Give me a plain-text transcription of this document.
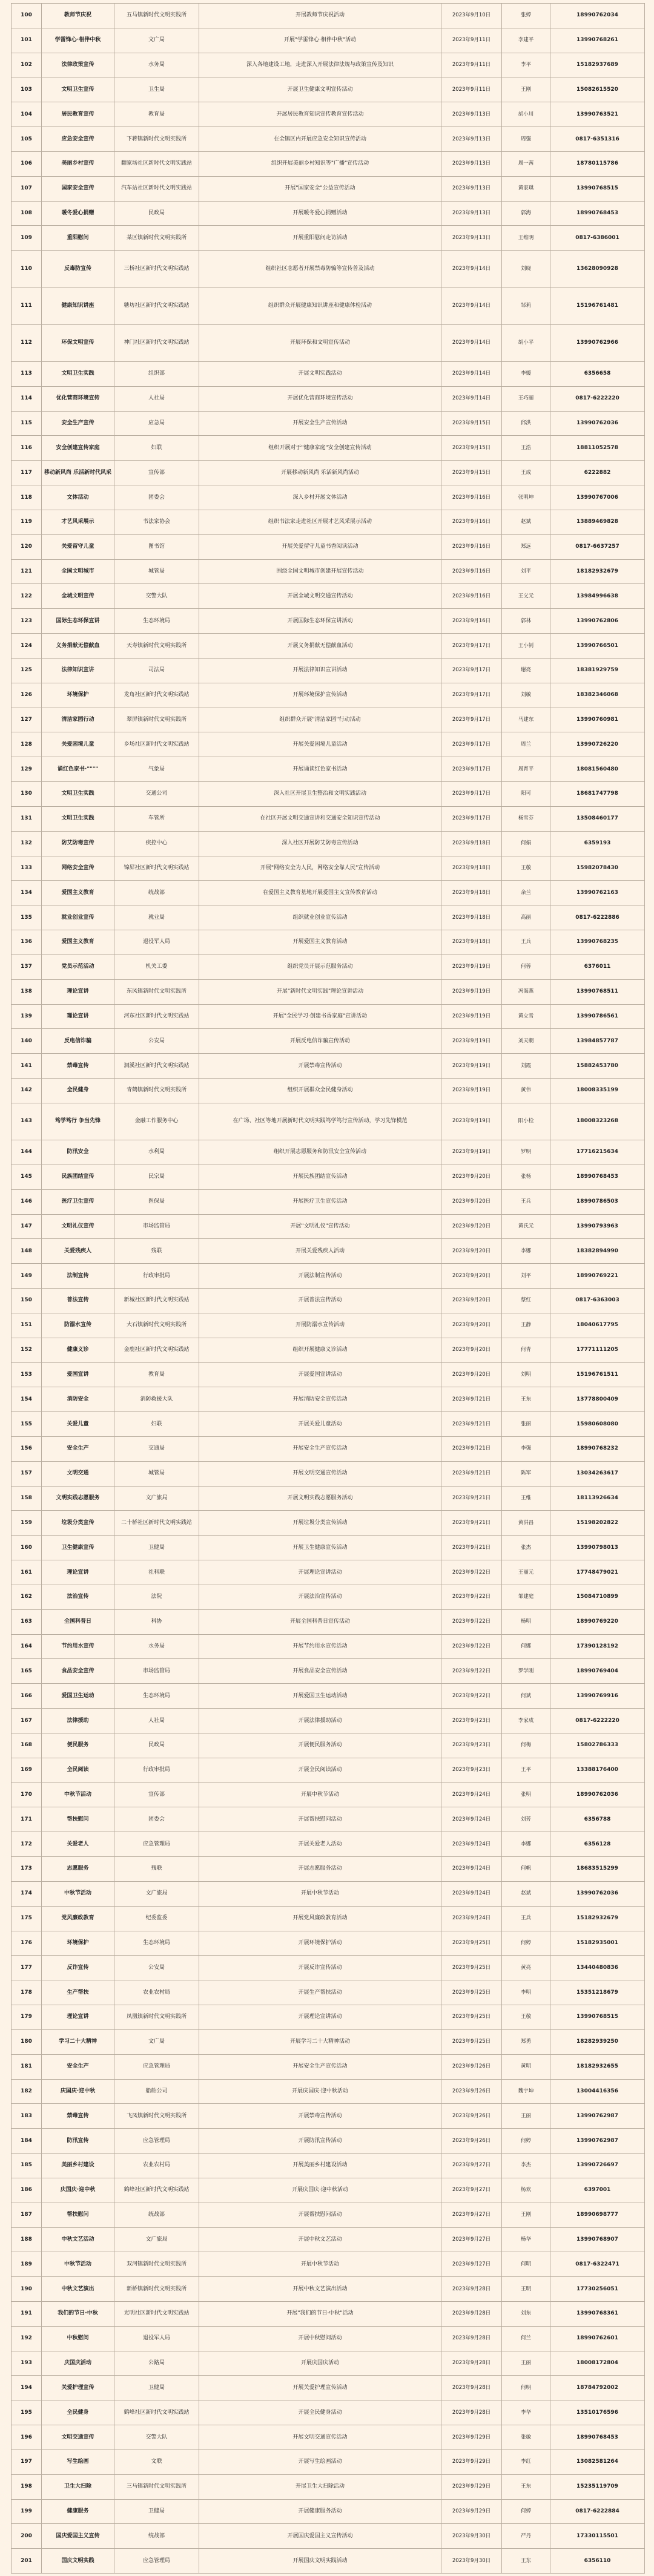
100	教师节庆祝	五马镇新时代文明实践所	开展教师节庆祝活动	2023年9月10日	张婷	18990762034
101	学雷锋心·相伴中秋	文广局	开展"学雷锋心·相伴中秋"活动	2023年9月11日	李建平	13990768261
102	法律政策宣传	水务局	深入各地建设工地，走进深入开展法律法规与政策宣传及知识	2023年9月11日	李平	15182937689
103	文明卫生宣传	卫生局	开展卫生健康文明宣传活动	2023年9月11日	王刚	15082615520
104	居民教育宣传	教育局	开展居民教育知识宣传教育宣传活动	2023年9月13日	胡小川	13990763521
105	应急安全宣传	下蒋镇新时代文明实践所	在全镇区内开展应急安全知识宣传活动	2023年9月13日	周强	0817-6351316
106	美丽乡村宣传	翻家场社区新时代文明实践站	组织开展美丽乡村知识等"广播"宣传活动	2023年9月13日	周一茜	18780115786
107	国家安全宣传	汽车站社区新时代文明实践站	开展"国家安全"公益宣传活动	2023年9月13日	黄家琪	13990768515
108	暖冬爱心捐赠	民政局	开展暖冬爱心捐赠活动	2023年9月13日	郭海	18990768453
109	重阳慰问	某区镇新时代文明实践所	开展重阳慰问走访活动	2023年9月13日	王维明	0817-6386001
110	反毒防宣传	三桥社区新时代文明实践站	组织社区志愿者开展禁毒防骗等宣传普及活动	2023年9月14日	刘晓	13628090928
111	健康知识讲座	糖坊社区新时代文明实践站	组织群众开展健康知识讲座和健康体检活动	2023年9月14日	邹莉	15196761481
112	环保文明宣传	神门社区新时代文明实践站	开展环保和文明宣传活动	2023年9月14日	胡小平	13990762966
113	文明卫生实践	组织部	开展文明实践活动	2023年9月14日	李媛	6356658
114	优化营商环境宣传	人社局	开展优化营商环境宣传活动	2023年9月14日	王巧丽	0817-6222220
115	安全生产宣传	应急局	开展安全生产宣传活动	2023年9月15日	邱洪	13990762036
116	安全创建宣传家庭	妇联	组织开展对于"健康家庭"安全创建宣传活动	2023年9月15日	王浩	18811052578
117	移动新风尚 乐活新时代风采	宣传部	开展移动新风尚 乐活新风尚活动	2023年9月15日	王成	6222882
118	文体活动	团委会	深入乡村开展文体活动	2023年9月16日	张明坤	13990767006
119	才艺风采展示	书法家协会	组织书法家走进社区开展才艺风采展示活动	2023年9月16日	赵斌	13889469828
120	关爱留守儿童	图书馆	开展关爱留守儿童书香阅读活动	2023年9月16日	郑远	0817-6637257
121	全国文明城市	城管局	围绕全国文明城市创建开展宣传活动	2023年9月16日	刘平	18182932679
122	全城文明宣传	交警大队	开展全城文明交通宣传活动	2023年9月16日	王义元	13984996638
123	国际生态环保宣讲	生态环境局	开展国际生态环保宣讲活动	2023年9月16日	郭林	13990762806
124	义务捐献无偿献血	天寿镇新时代文明实践所	开展义务捐献无偿献血活动	2023年9月17日	王小钊	13990766501
125	法律知识宣讲	司法局	开展法律知识宣讲活动	2023年9月17日	谢亮	18381929759
126	环境保护	龙角社区新时代文明实践站	开展环境保护宣传活动	2023年9月17日	刘敏	18382346068
127	清洁家园行动	翠屏镇新时代文明实践所	组织群众开展"清洁家园"行动活动	2023年9月17日	马建东	13990760981
128	关爱困境儿童	乡场社区新时代文明实践站	开展关爱困境儿童活动	2023年9月17日	周兰	13990726220
129	诵红色家书·""""	气象局	开展诵读红色家书活动	2023年9月17日	周育平	18081560480
130	文明卫生实践	交通公司	深入社区开展卫生整治和文明实践活动	2023年9月17日	阳可	18681747798
131	文明卫生实践	车管所	在社区开展文明交通宣讲和交通安全知识宣传活动	2023年9月17日	杨雪芬	13508460177
132	防艾防毒宣传	疾控中心	深入社区开展防艾防毒宣传活动	2023年9月18日	何娟	6359193
133	网络安全宣传	锦屏社区新时代文明实践站	开展"网络安全为人民，网络安全靠人民"宣传活动	2023年9月18日	王敬	15982078430
134	爱国主义教育	统战部	在爱国主义教育基地开展爱国主义宣传教育活动	2023年9月18日	余兰	13990762163
135	就业创业宣传	就业局	组织就业创业宣传活动	2023年9月18日	高丽	0817-6222886
136	爱国主义教育	退役军人局	开展爱国主义教育活动	2023年9月18日	王兵	13990768235
137	党员示范活动	机关工委	组织党员开展示范服务活动	2023年9月19日	何蓉	6376011
138	理论宣讲	东风镇新时代文明实践所	开展"新时代文明实践"理论宣讲活动	2023年9月19日	冯海燕	13990768511
139	理论宣讲	河东社区新时代文明实践站	开展"全民学习·创建书香家庭"宣讲活动	2023年9月19日	黄立雪	13990786561
140	反电信诈骗	公安局	开展反电信诈骗宣传活动	2023年9月19日	刘天朝	13984857787
141	禁毒宣传	洞溪社区新时代文明实践站	开展禁毒宣传活动	2023年9月19日	刘霞	15882453780
142	全民健身	青鹤镇新时代文明实践所	组织开展群众全民健身活动	2023年9月19日	黄伟	18008335199
143	笃学笃行 争当先锋	金融工作服务中心	在广场、社区等地开展新时代文明实践笃学笃行宣传活动，学习先锋模范	2023年9月19日	阳小栓	18008323268
144	防汛安全	水利局	组织开展志愿服务和防汛安全宣传活动	2023年9月19日	罗明	17716215634
145	民族团结宣传	民宗局	开展民族团结宣传活动	2023年9月20日	张杨	18990768453
146	医疗卫生宣传	医保局	开展医疗卫生宣传活动	2023年9月20日	王兵	18990786503
147	文明礼仪宣传	市场监管局	开展"文明礼仪"宣传活动	2023年9月20日	黄氏元	13990793963
148	关爱残疾人	残联	开展关爱残疾人活动	2023年9月20日	李娜	18382894990
149	法制宣传	行政审批局	开展法制宣传活动	2023年9月20日	刘平	18990769221
150	普法宣传	新城社区新时代文明实践站	开展普法宣传活动	2023年9月20日	蔡红	0817-6363003
151	防溺水宣传	大石镇新时代文明实践所	开展防溺水宣传活动	2023年9月20日	王静	18040617795
152	健康义诊	金鹿社区新时代文明实践站	组织开展健康义诊活动	2023年9月20日	何青	17771111205
153	爱国宣讲	教育局	开展爱国宣讲活动	2023年9月20日	刘明	15196761511
154	消防安全	消防救援大队	开展消防安全宣传活动	2023年9月21日	王东	13778800409
155	关爱儿童	妇联	开展关爱儿童活动	2023年9月21日	张丽	15980608080
156	安全生产	交通局	开展安全生产宣传活动	2023年9月21日	李强	18990768232
157	文明交通	城管局	开展文明交通宣传活动	2023年9月21日	陈军	13034263617
158	文明实践志愿服务	文广旅局	开展文明实践志愿服务活动	2023年9月21日	王维	18113926634
159	垃圾分类宣传	二十桥社区新时代文明实践站	开展垃圾分类宣传活动	2023年9月21日	黄洪昌	15198202822
160	卫生健康宣传	卫健局	开展卫生健康宣传活动	2023年9月21日	张杰	13990798013
161	理论宣讲	社科联	开展理论宣讲活动	2023年9月22日	王丽元	17748479021
162	法治宣传	法院	开展法治宣传活动	2023年9月22日	邹建庭	15084710899
163	全国科普日	科协	开展全国科普日宣传活动	2023年9月22日	杨明	18990769220
164	节约用水宣传	水务局	开展节约用水宣传活动	2023年9月22日	何娜	17390128192
165	食品安全宣传	市场监管局	开展食品安全宣传活动	2023年9月22日	罗学刚	18990769404
166	爱国卫生运动	生态环境局	开展爱国卫生运动活动	2023年9月22日	何斌	13990769916
167	法律援助	人社局	开展法律援助活动	2023年9月23日	李家成	0817-6222220
168	便民服务	民政局	开展便民服务活动	2023年9月23日	何梅	15802786333
169	全民阅读	行政审批局	开展全民阅读活动	2023年9月23日	王平	13388176400
170	中秋节活动	宣传部	开展中秋节活动	2023年9月24日	张明	18990762036
171	帮扶慰问	团委会	开展帮扶慰问活动	2023年9月24日	刘芳	6356788
172	关爱老人	应急管理局	开展关爱老人活动	2023年9月24日	李娜	6356128
173	志愿服务	残联	开展志愿服务活动	2023年9月24日	何帆	18683515299
174	中秋节活动	文广旅局	开展中秋节活动	2023年9月24日	赵斌	13990762036
175	党风廉政教育	纪委监委	开展党风廉政教育活动	2023年9月24日	王兵	15182932679
176	环境保护	生态环境局	开展环境保护活动	2023年9月25日	何婷	15182935001
177	反诈宣传	公安局	开展反诈宣传活动	2023年9月25日	黄亮	13440480836
178	生产帮扶	农业农村局	开展生产帮扶活动	2023年9月25日	李明	15351218679
179	理论宣讲	凤凰镇新时代文明实践所	开展理论宣讲活动	2023年9月25日	王敬	13990768515
180	学习二十大精神	文广局	开展学习二十大精神活动	2023年9月25日	郑勇	18282939250
181	安全生产	应急管理局	开展安全生产宣传活动	2023年9月26日	黄明	18182932655
182	庆国庆·迎中秋	船舶公司	开展庆国庆·迎中秋活动	2023年9月26日	魏宇坤	13004416356
183	禁毒宣传	飞凤镇新时代文明实践所	开展禁毒宣传活动	2023年9月26日	王丽	13990762987
184	防汛宣传	应急管理局	开展防汛宣传活动	2023年9月26日	何婷	13990762987
185	美丽乡村建设	农业农村局	开展美丽乡村建设活动	2023年9月27日	李杰	13990726697
186	庆国庆·迎中秋	鹤峰社区新时代文明实践站	开展庆国庆·迎中秋活动	2023年9月27日	杨欢	6397001
187	帮扶慰问	统战部	开展帮扶慰问活动	2023年9月27日	王刚	18990698777
188	中秋文艺活动	文广旅局	开展中秋文艺活动	2023年9月27日	杨华	13990768907
189	中秋节活动	双河镇新时代文明实践所	开展中秋节活动	2023年9月27日	何明	0817-6322471
190	中秋文艺演出	新桥镇新时代文明实践所	开展中秋文艺演出活动	2023年9月28日	王明	17730256051
191	我们的节日·中秋	光明社区新时代文明实践站	开展"我们的节日·中秋"活动	2023年9月28日	刘东	13990768361
192	中秋慰问	退役军人局	开展中秋慰问活动	2023年9月28日	何兰	18990762601
193	庆国庆活动	公路局	开展庆国庆活动	2023年9月28日	王丽	18008172804
194	关爱护理宣传	卫健局	开展关爱护理宣传活动	2023年9月28日	何明	18784792002
195	全民健身	鹤峰社区新时代文明实践站	开展全民健身活动	2023年9月28日	李华	13510176596
196	文明交通宣传	交警大队	开展文明交通宣传活动	2023年9月29日	张敏	18990768453
197	写生绘画	文联	开展写生绘画活动	2023年9月29日	李红	13082581264
198	卫生大扫除	三马镇新时代文明实践所	开展卫生大扫除活动	2023年9月29日	王东	15235119709
199	健康服务	卫健局	开展健康服务活动	2023年9月29日	何婷	0817-6222884
200	国庆爱国主义宣传	统战部	开展国庆爱国主义宣传活动	2023年9月30日	严丹	17330115501
201	国庆文明实践	应急管理局	开展国庆文明实践活动	2023年9月30日	王东	6356110
